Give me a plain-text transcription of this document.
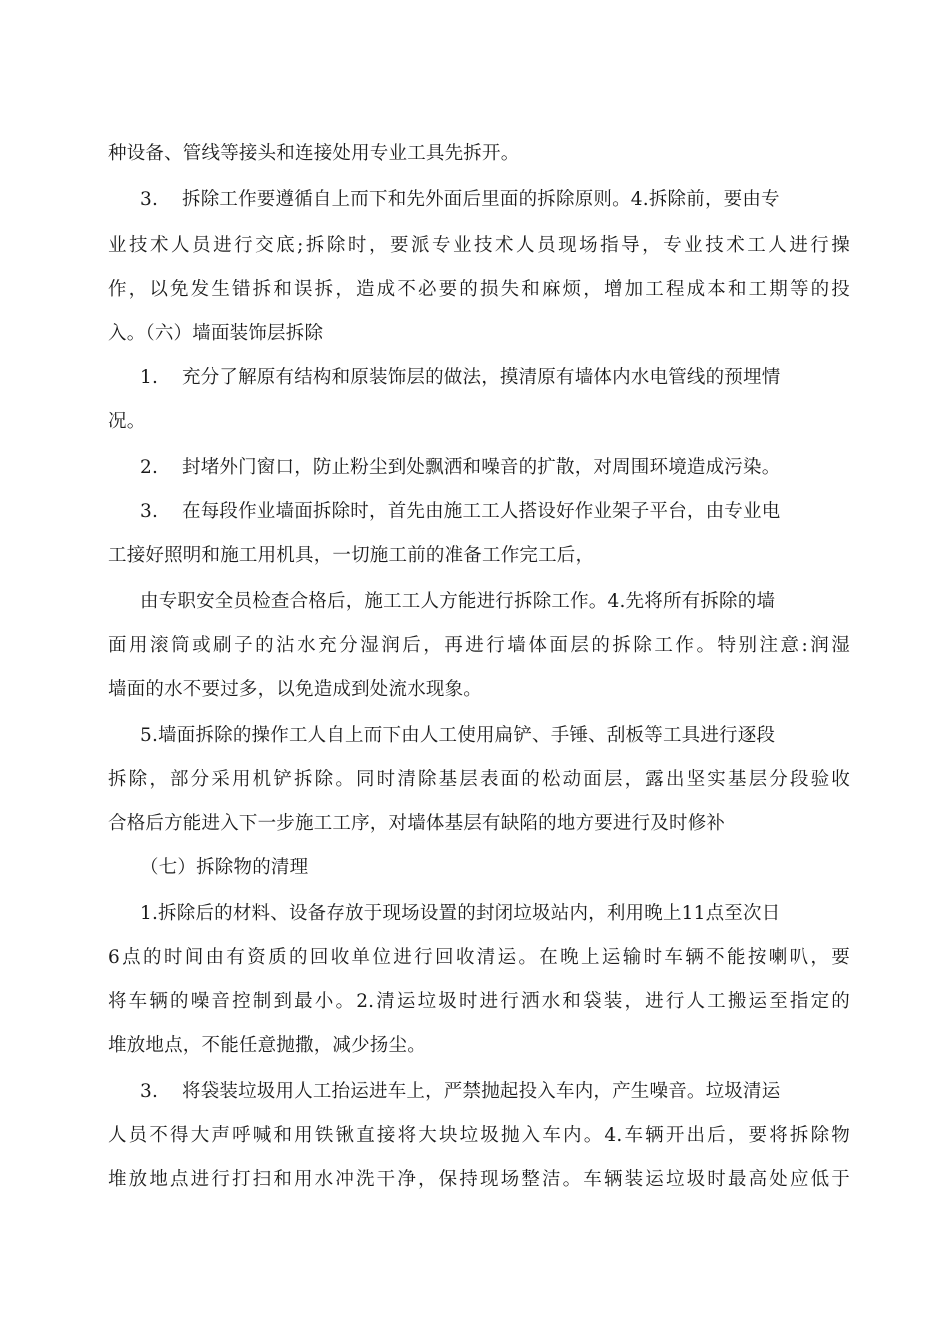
种设备、管线等接头和连接处用专业工具先拆开。
3. 拆除工作要遵循自上而下和先外面后里面的拆除原则。4.拆除前，要由专
业技术人员进行交底;拆除时，要派专业技术人员现场指导，专业技术工人进行操
作，以免发生错拆和误拆，造成不必要的损失和麻烦，增加工程成本和工期等的投
入。（六）墙面装饰层拆除
1. 充分了解原有结构和原装饰层的做法，摸清原有墙体内水电管线的预埋情
况。
2. 封堵外门窗口，防止粉尘到处飘洒和噪音的扩散，对周围环境造成污染。
3. 在每段作业墙面拆除时，首先由施工工人搭设好作业架子平台，由专业电
工接好照明和施工用机具，一切施工前的准备工作完工后，
由专职安全员检查合格后，施工工人方能进行拆除工作。4.先将所有拆除的墙
面用滚筒或刷子的沾水充分湿润后，再进行墙体面层的拆除工作。特别注意:润湿
墙面的水不要过多，以免造成到处流水现象。
5.墙面拆除的操作工人自上而下由人工使用扁铲、手锤、刮板等工具进行逐段
拆除，部分采用机铲拆除。同时清除基层表面的松动面层，露出坚实基层分段验收
合格后方能进入下一步施工工序，对墙体基层有缺陷的地方要进行及时修补
（七）拆除物的清理
1.拆除后的材料、设备存放于现场设置的封闭垃圾站内，利用晚上11点至次日
6点的时间由有资质的回收单位进行回收清运。在晚上运输时车辆不能按喇叭，要
将车辆的噪音控制到最小。2.清运垃圾时进行洒水和袋装，进行人工搬运至指定的
堆放地点，不能任意抛撒，减少扬尘。
3. 将袋装垃圾用人工抬运进车上，严禁抛起投入车内，产生噪音。垃圾清运
人员不得大声呼喊和用铁锹直接将大块垃圾抛入车内。4.车辆开出后，要将拆除物
堆放地点进行打扫和用水冲洗干净，保持现场整洁。车辆装运垃圾时最高处应低于
